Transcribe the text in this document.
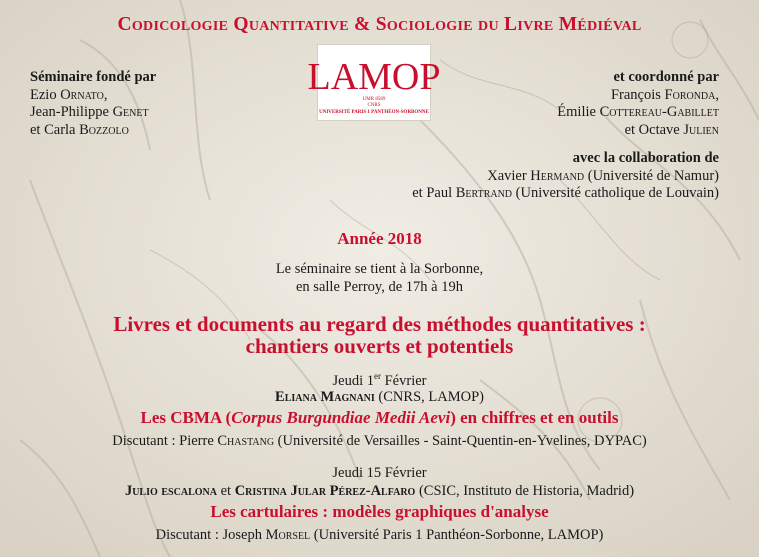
Codicologie Quantitative & Sociologie du Livre Médiéval
LAMOP
UMR 8589
CNRS
UNIVERSITÉ PARIS 1 PANTHÉON-SORBONNE
Séminaire fondé par
Ezio Ornato,
Jean-Philippe Genet
et Carla Bozzolo
et coordonné par
François Foronda,
Émilie Cottereau-Gabillet
et Octave Julien
avec la collaboration de
Xavier Hermand (Université de Namur)
et Paul Bertrand (Université catholique de Louvain)
Année 2018
Le séminaire se tient à la Sorbonne,
en salle Perroy, de 17h à 19h
Livres et documents au regard des méthodes quantitatives :
chantiers ouverts et potentiels
Jeudi 1er Février
Eliana Magnani (CNRS, LAMOP)
Les CBMA (Corpus Burgundiae Medii Aevi) en chiffres et en outils
Discutant : Pierre Chastang (Université de Versailles - Saint-Quentin-en-Yvelines, DYPAC)
Jeudi 15 Février
Julio escalona et Cristina Jular Pérez-Alfaro (CSIC, Instituto de Historia, Madrid)
Les cartulaires : modèles graphiques d'analyse
Discutant : Joseph Morsel (Université Paris 1 Panthéon-Sorbonne, LAMOP)
